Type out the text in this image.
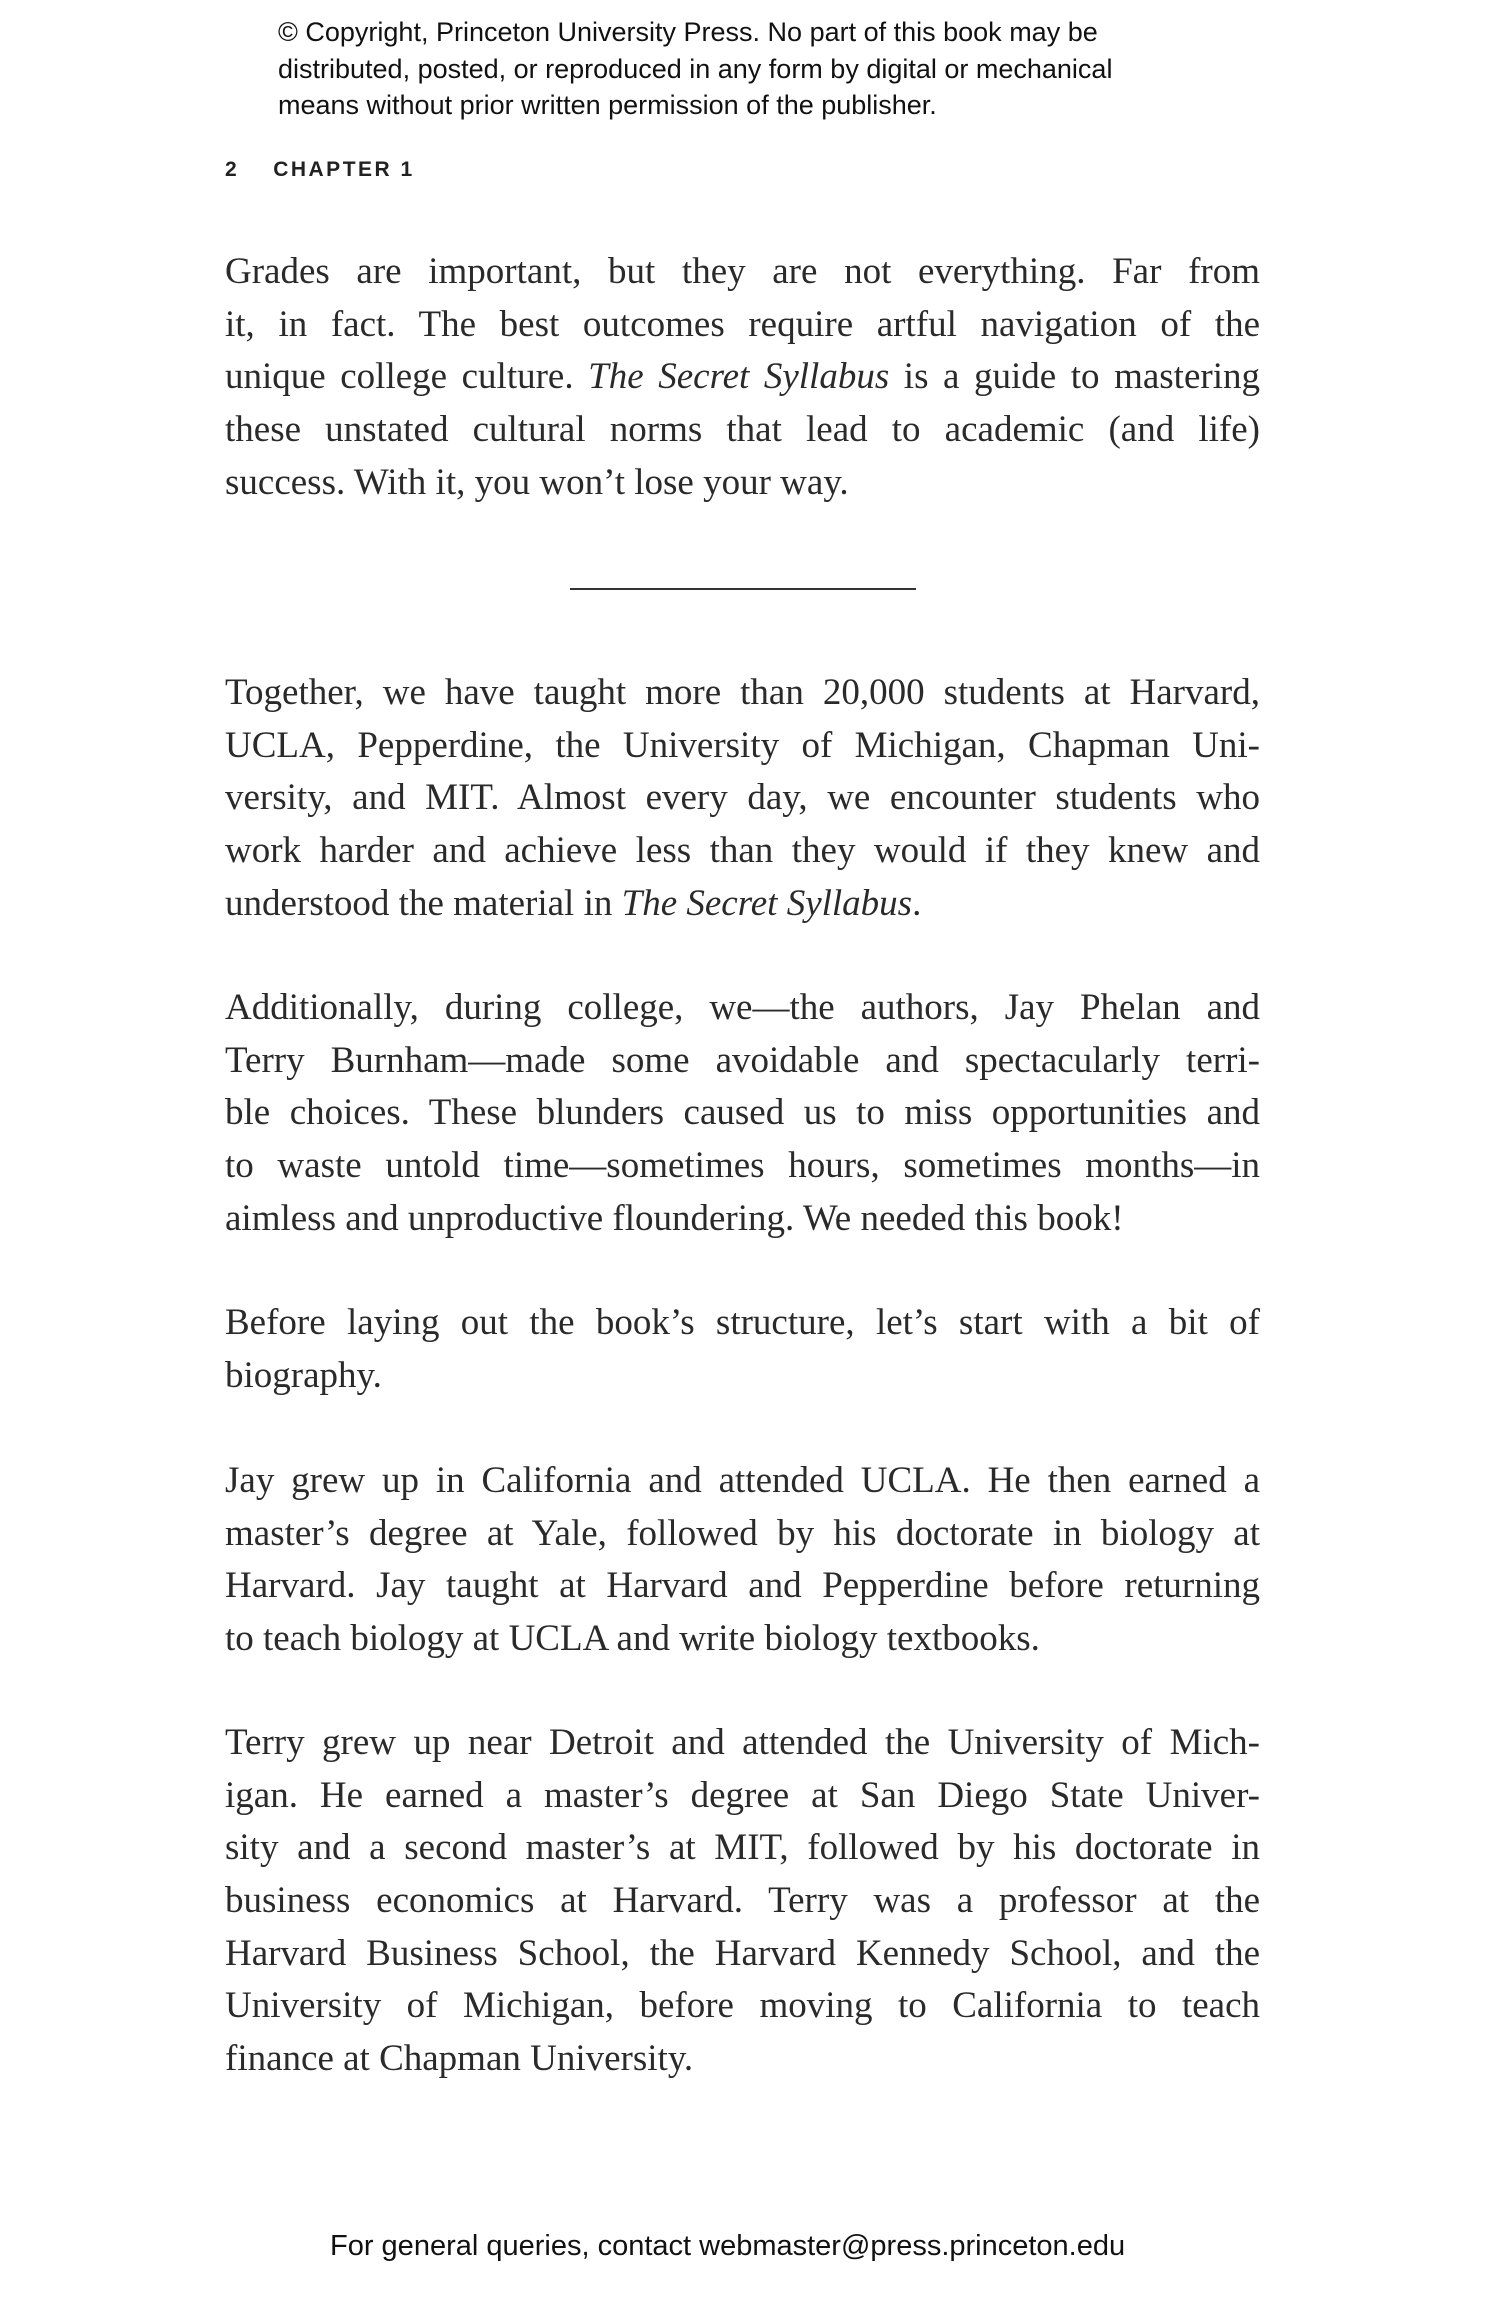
© Copyright, Princeton University Press. No part of this book may be
distributed, posted, or reproduced in any form by digital or mechanical
means without prior written permission of the publisher.
2 CHAPTER 1
Grades are important, but they are not everything. Far from
it, in fact. The best outcomes require artful navigation of the
unique college culture. The Secret Syllabus is a guide to mastering
these unstated cultural norms that lead to academic (and life)
success. With it, you won’t lose your way.
Together, we have taught more than 20,000 students at Harvard,
UCLA, Pepperdine, the University of Michigan, Chapman Uni-
versity, and MIT. Almost every day, we encounter students who
work harder and achieve less than they would if they knew and
understood the material in The Secret Syllabus.
Additionally, during college, we—the authors, Jay Phelan and
Terry Burnham—made some avoidable and spectacularly terri-
ble choices. These blunders caused us to miss opportunities and
to waste untold time—sometimes hours, sometimes months—in
aimless and unproductive floundering. We needed this book!
Before laying out the book’s structure, let’s start with a bit of
biography.
Jay grew up in California and attended UCLA. He then earned a
master’s degree at Yale, followed by his doctorate in biology at
Harvard. Jay taught at Harvard and Pepperdine before returning
to teach biology at UCLA and write biology textbooks.
Terry grew up near Detroit and attended the University of Mich-
igan. He earned a master’s degree at San Diego State Univer-
sity and a second master’s at MIT, followed by his doctorate in
business economics at Harvard. Terry was a professor at the
Harvard Business School, the Harvard Kennedy School, and the
University of Michigan, before moving to California to teach
finance at Chapman University.
For general queries, contact webmaster@press.princeton.edu
